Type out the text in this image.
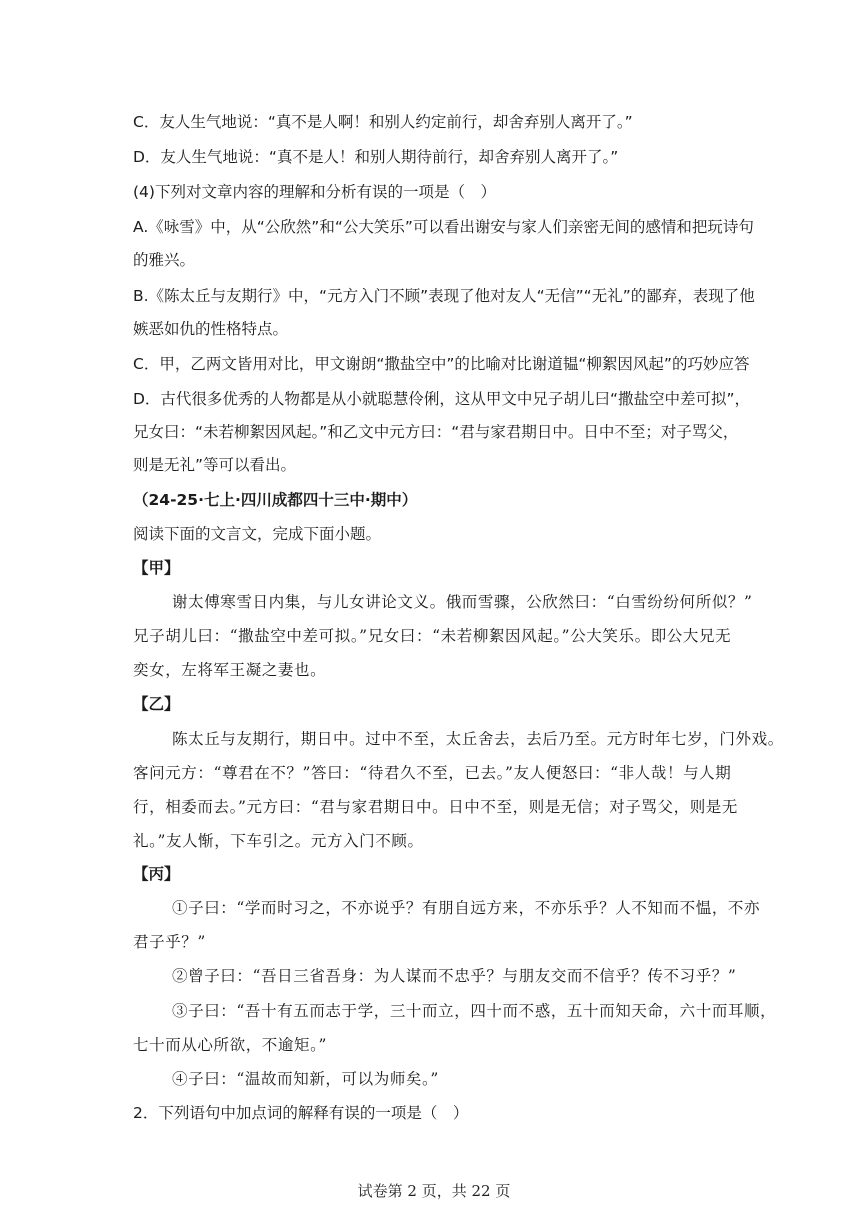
C．友人生气地说：“真不是人啊！和别人约定前行，却舍弃别人离开了。”
D．友人生气地说：“真不是人！和别人期待前行，却舍弃别人离开了。”
(4)下列对文章内容的理解和分析有误的一项是（　）
A.《咏雪》中，从“公欣然”和“公大笑乐”可以看出谢安与家人们亲密无间的感情和把玩诗句
的雅兴。
B.《陈太丘与友期行》中，“元方入门不顾”表现了他对友人“无信”“无礼”的鄙弃，表现了他
嫉恶如仇的性格特点。
C．甲，乙两文皆用对比，甲文谢朗“撒盐空中”的比喻对比谢道韫“柳絮因风起”的巧妙应答
D．古代很多优秀的人物都是从小就聪慧伶俐，这从甲文中兄子胡儿曰“撒盐空中差可拟”，
兄女曰：“未若柳絮因风起。”和乙文中元方曰：“君与家君期日中。日中不至；对子骂父，
则是无礼”等可以看出。
（24-25·七上·四川成都四十三中·期中）
阅读下面的文言文，完成下面小题。
【甲】
谢太傅寒雪日内集，与儿女讲论文义。俄而雪骤，公欣然曰：“白雪纷纷何所似？”
兄子胡儿曰：“撒盐空中差可拟。”兄女曰：“未若柳絮因风起。”公大笑乐。即公大兄无
奕女，左将军王凝之妻也。
【乙】
陈太丘与友期行，期日中。过中不至，太丘舍去，去后乃至。元方时年七岁，门外戏。
客问元方：“尊君在不？”答曰：“待君久不至，已去。”友人便怒曰：“非人哉！与人期
行，相委而去。”元方曰：“君与家君期日中。日中不至，则是无信；对子骂父，则是无
礼。”友人惭，下车引之。元方入门不顾。
【丙】
①子曰：“学而时习之，不亦说乎？有朋自远方来，不亦乐乎？人不知而不愠，不亦
君子乎？”
②曾子曰：“吾日三省吾身：为人谋而不忠乎？与朋友交而不信乎？传不习乎？”
③子曰：“吾十有五而志于学，三十而立，四十而不惑，五十而知天命，六十而耳顺，
七十而从心所欲，不逾矩。”
④子曰：“温故而知新，可以为师矣。”
2．下列语句中加点词的解释有误的一项是（　）
试卷第 2 页，共 22 页
